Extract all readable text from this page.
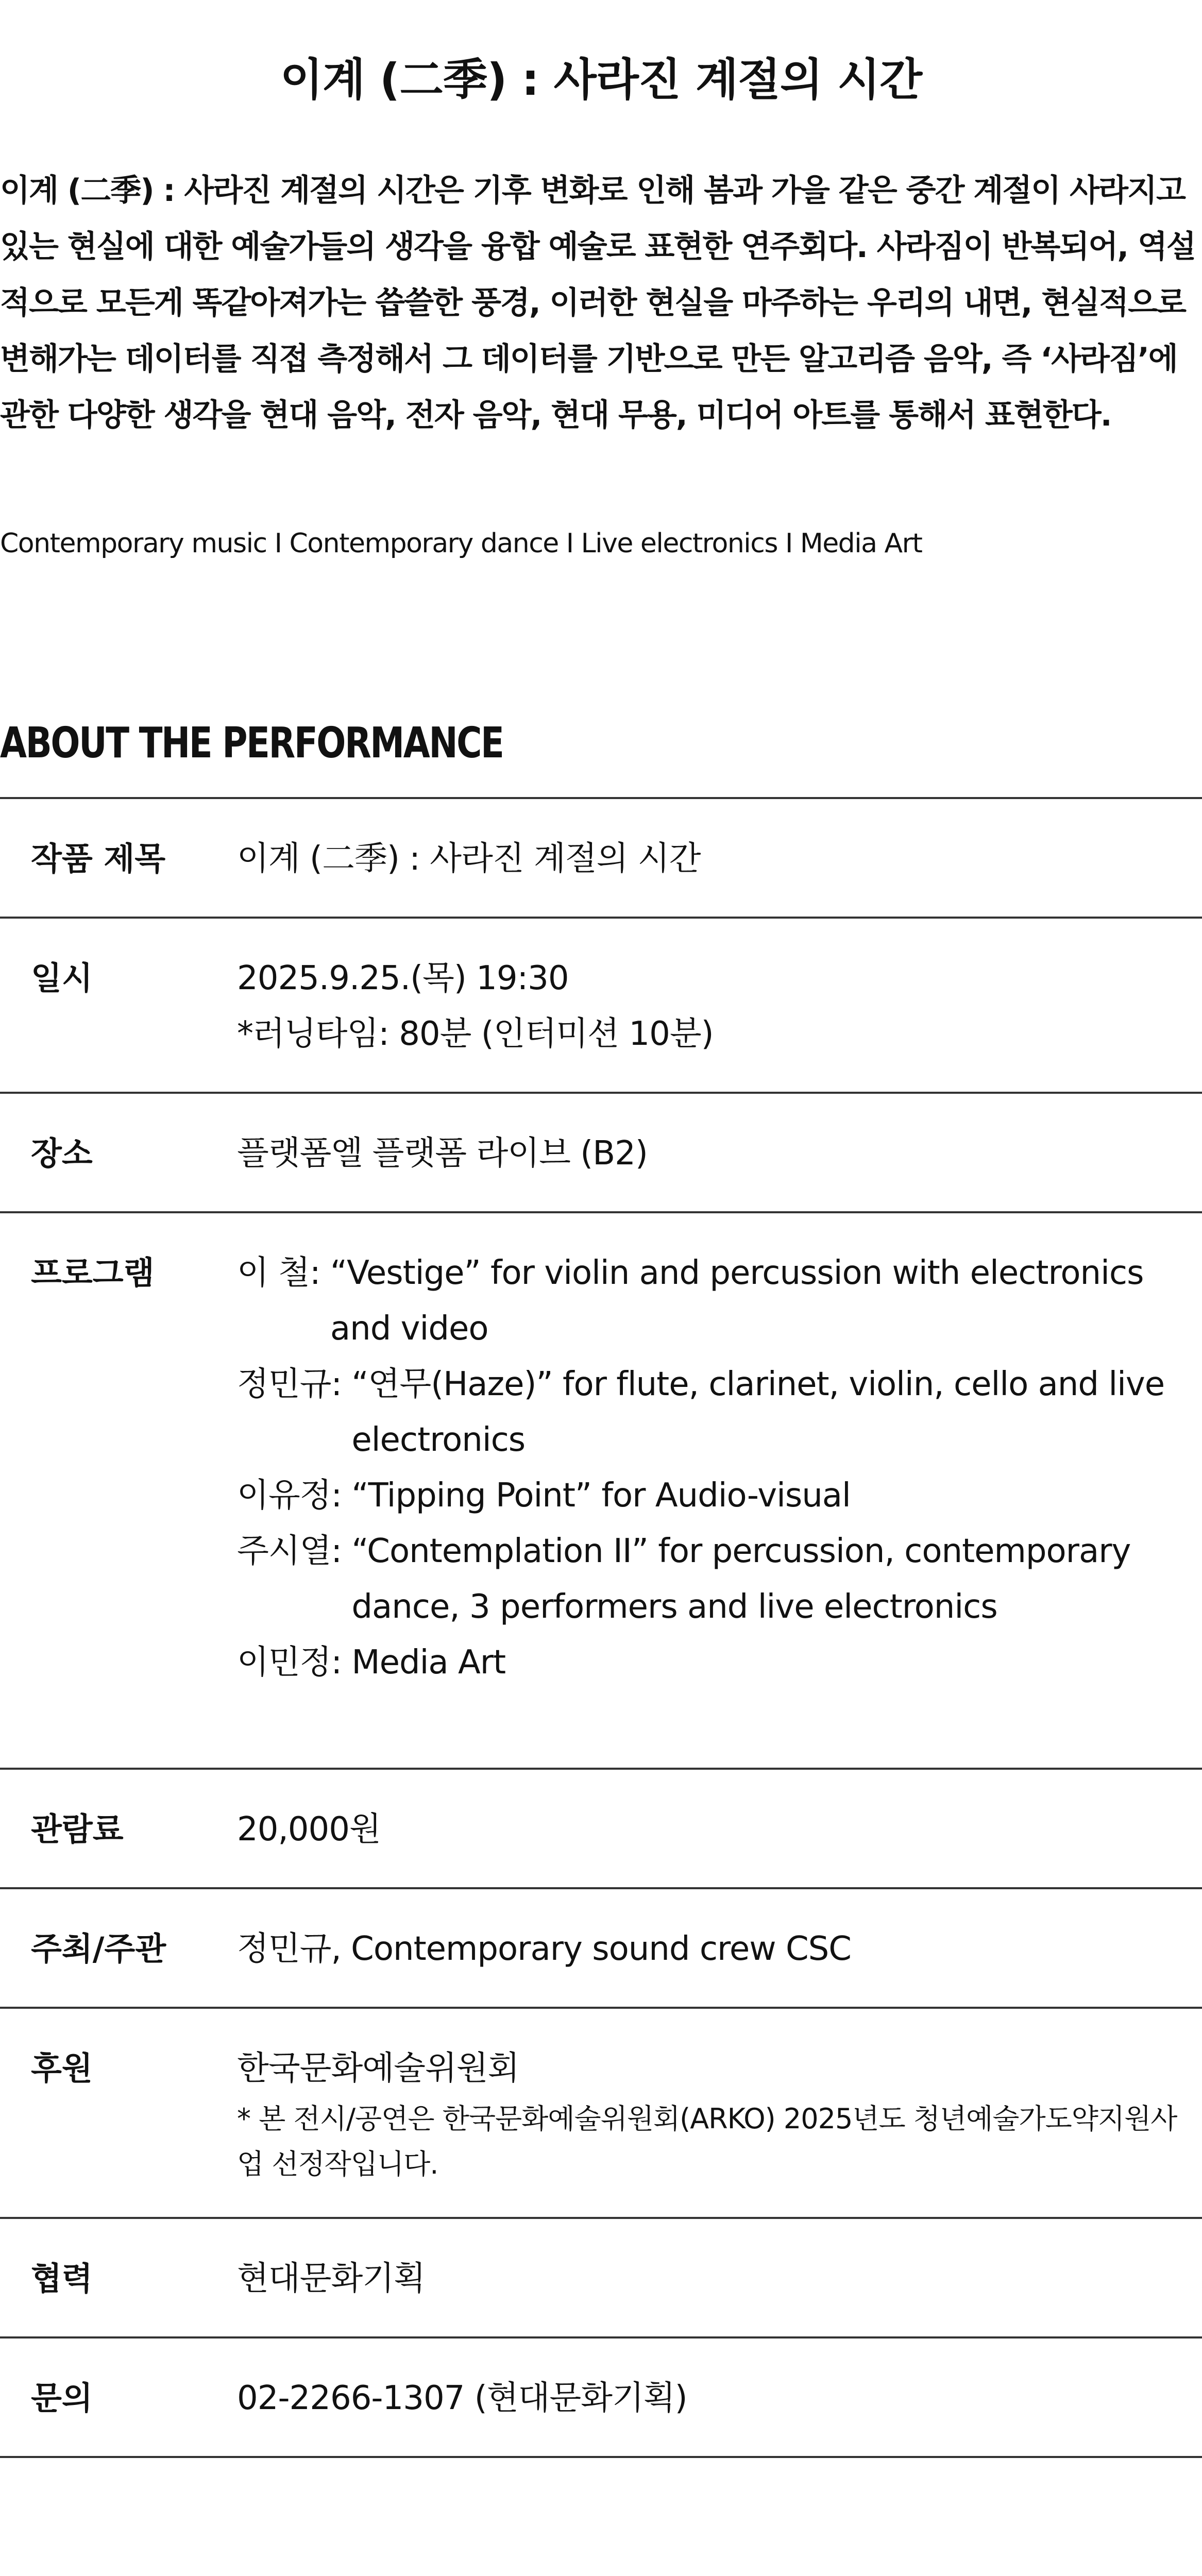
이계 (二季) : 사라진 계절의 시간

이계 (二季) : 사라진 계절의 시간은 기후 변화로 인해 봄과 가을 같은 중간 계절이 사라지고 있는 현실에 대한 예술가들의 생각을 융합 예술로 표현한 연주회다. 사라짐이 반복되어, 역설적으로 모든게 똑같아져가는 씁쓸한 풍경, 이러한 현실을 마주하는 우리의 내면, 현실적으로 변해가는 데이터를 직접 측정해서 그 데이터를 기반으로 만든 알고리즘 음악, 즉 ‘사라짐’에 관한 다양한 생각을 현대 음악, 전자 음악, 현대 무용, 미디어 아트를 통해서 표현한다.

Contemporary music I Contemporary dance I Live electronics I Media Art
ABOUT THE PERFORMANCE
작품 제목	이계 (二季) : 사라진 계절의 시간
일시	2025.9.25.(목) 19:30
*러닝타임: 80분 (인터미션 10분)
장소	플랫폼엘 플랫폼 라이브 (B2)
프로그램	이 철: “Vestige” for violin and percussion with electronics and video
정민규: “연무(Haze)” for flute, clarinet, violin, cello and live electronics
이유정: “Tipping Point” for Audio-visual
주시열: “Contemplation II” for percussion, contemporary dance, 3 performers and live electronics
이민정: Media Art
관람료	20,000원
주최/주관	정민규, Contemporary sound crew CSC
후원	한국문화예술위원회
* 본 전시/공연은 한국문화예술위원회(ARKO) 2025년도 청년예술가도약지원사업 선정작입니다.
협력	현대문화기획
문의	02-2266-1307 (현대문화기획)
